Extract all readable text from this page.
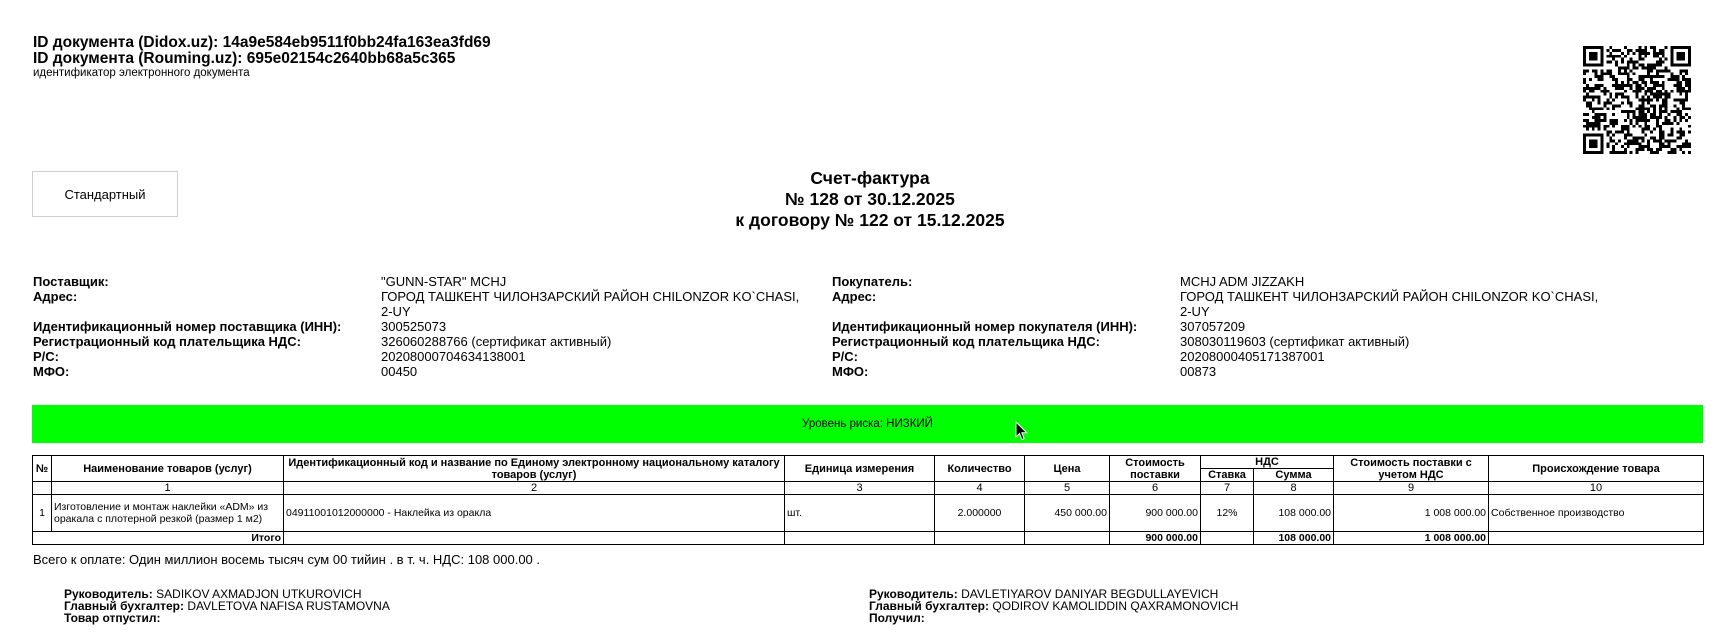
ID документа (Didox.uz): 14a9e584eb9511f0bb24fa163ea3fd69
ID документа (Rouming.uz): 695e02154c2640bb68a5c365
идентификатор электронного документа
Стандартный
Счет-фактура
№ 128 от 30.12.2025
к договору № 122 от 15.12.2025
Поставщик:	"GUNN-STAR" MCHJ
Адрес:	ГОРОД ТАШКЕНТ ЧИЛОНЗАРСКИЙ РАЙОН CHILONZOR KO`CHASI, 2-UY
Идентификационный номер поставщика (ИНН):	300525073
Регистрационный код плательщика НДС:	326060288766 (сертификат активный)
Р/С:	20208000704634138001
МФО:	00450
Покупатель:	MCHJ ADM JIZZAKH
Адрес:	ГОРОД ТАШКЕНТ ЧИЛОНЗАРСКИЙ РАЙОН CHILONZOR KO`CHASI, 2-UY
Идентификационный номер покупателя (ИНН):	307057209
Регистрационный код плательщика НДС:	308030119603 (сертификат активный)
Р/С:	20208000405171387001
МФО:	00873
Уровень риска: НИЗКИЙ
№	Наименование товаров (услуг)	Идентификационный код и название по Единому электронному национальному каталогу товаров (услуг)	Единица измерения	Количество	Цена	Стоимость поставки	НДС		Стоимость поставки с учетом НДС	Происхождение товара
							Ставка	Сумма		
	1	2	3	4	5	6	7	8	9	10
1	Изготовление и монтаж наклейки «ADM» из оракала с плотерной резкой (размер 1 м2)	04911001012000000 - Наклейка из оракла	шт.	2.000000	450 000.00	900 000.00	12%	108 000.00	1 008 000.00	Собственное производство
Итого						900 000.00		108 000.00	1 008 000.00	
Всего к оплате: Один миллион восемь тысяч сум 00 тийин . в т. ч. НДС: 108 000.00 .
Руководитель: SADIKOV AXMADJON UTKUROVICH
Главный бухгалтер: DAVLETOVA NAFISA RUSTAMOVNA
Товар отпустил:
Руководитель: DAVLETIYAROV DANIYAR BEGDULLAYEVICH
Главный бухгалтер: QODIROV KAMOLIDDIN QAXRAMONOVICH
Получил:
